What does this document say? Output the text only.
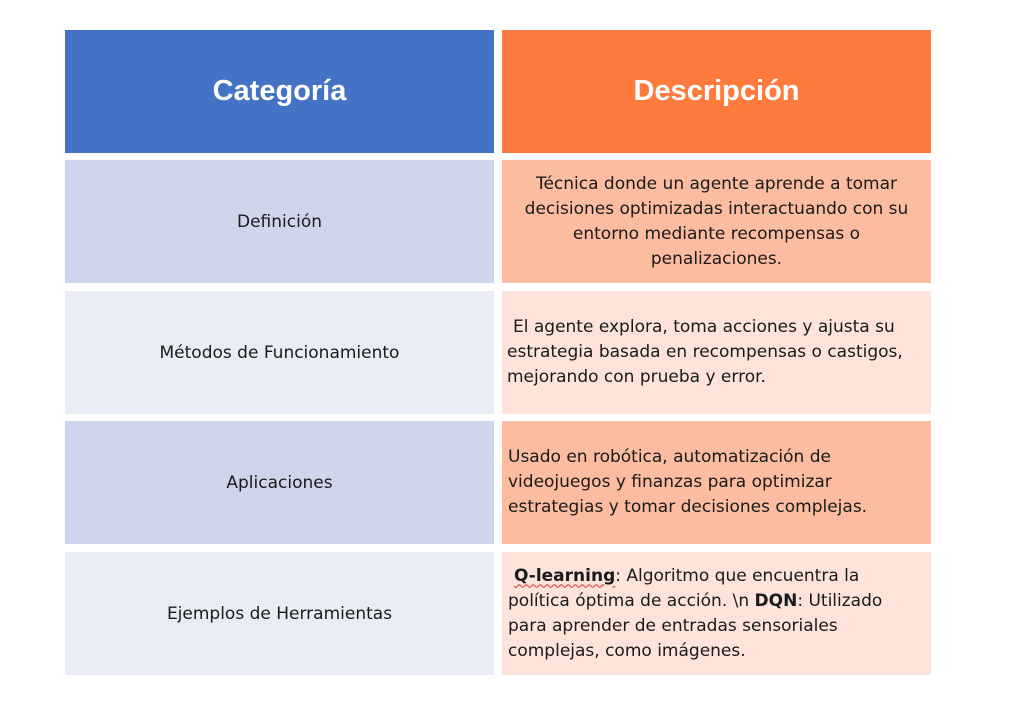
Categoría	Descripción
Definición
Técnica donde un agente aprende a tomar decisiones optimizadas interactuando con su entorno mediante recompensas o penalizaciones.
Métodos de Funcionamiento
El agente explora, toma acciones y ajusta su estrategia basada en recompensas o castigos, mejorando con prueba y error.
Aplicaciones
Usado en robótica, automatización de videojuegos y finanzas para optimizar estrategias y tomar decisiones complejas.
Ejemplos de Herramientas
Q-learning: Algoritmo que encuentra la política óptima de acción. \n DQN: Utilizado para aprender de entradas sensoriales complejas, como imágenes.
